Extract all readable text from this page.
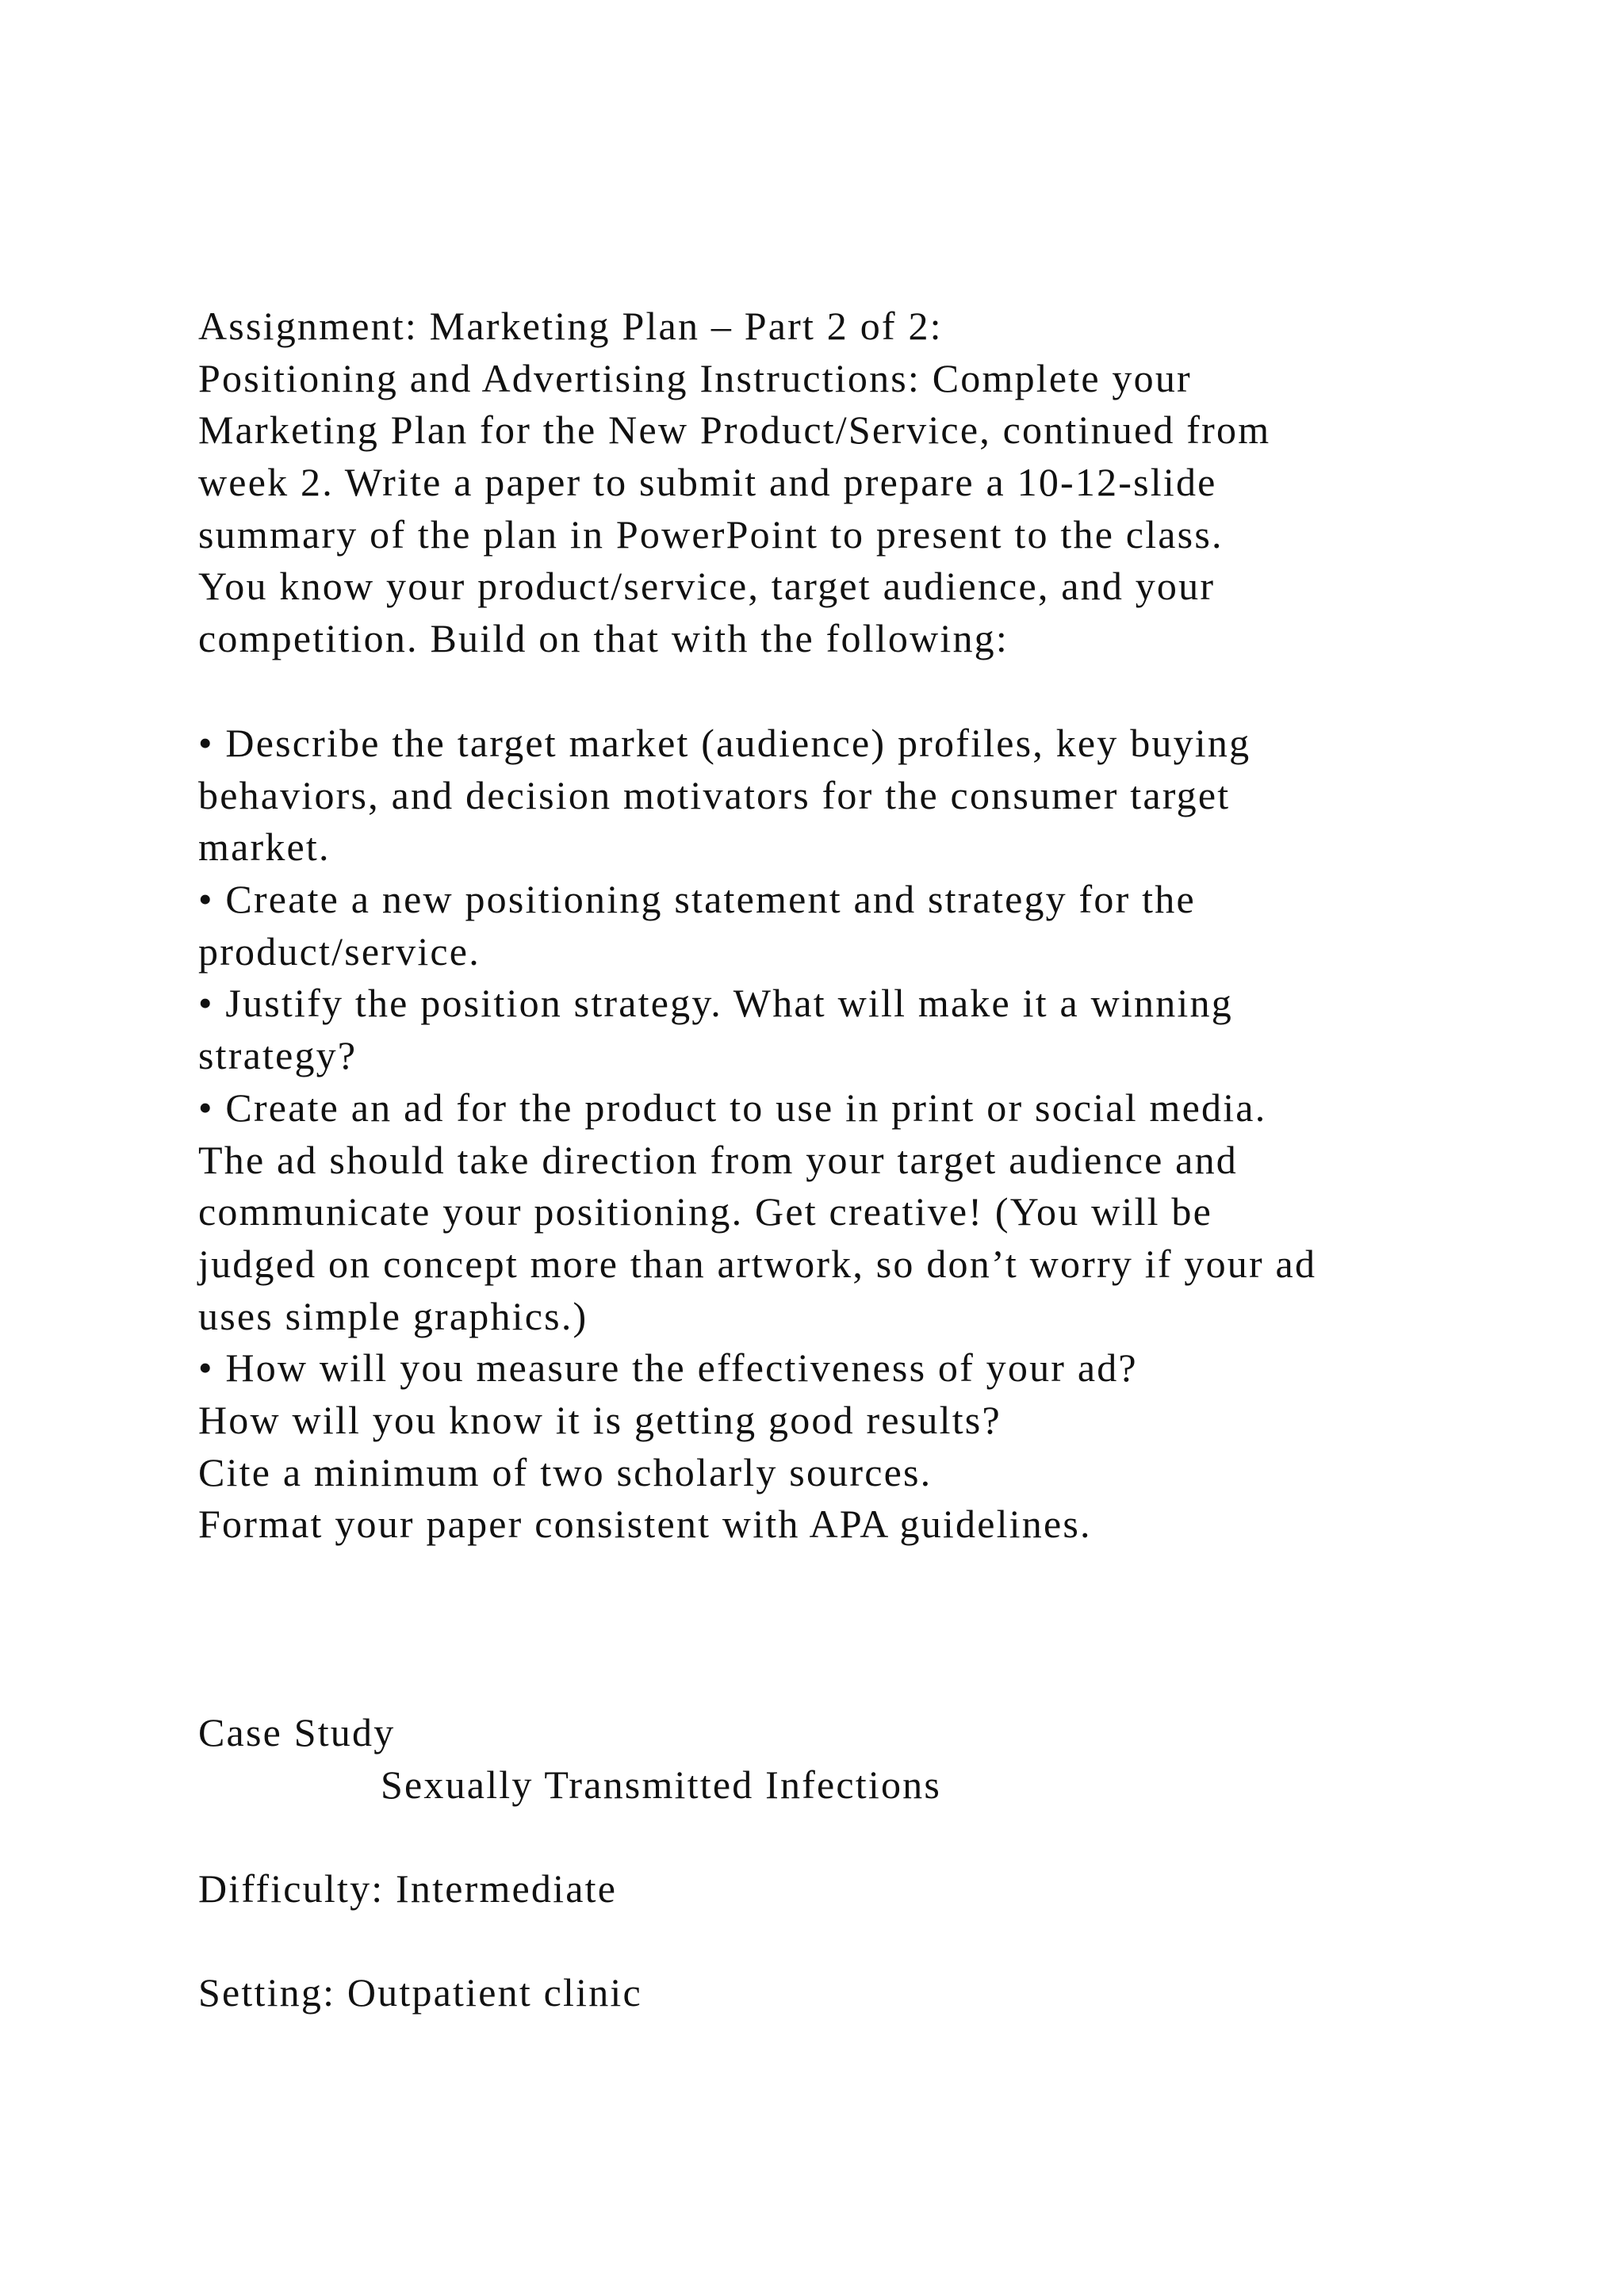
Assignment: Marketing Plan – Part 2 of 2:
Positioning and Advertising Instructions: Complete your
Marketing Plan for the New Product/Service, continued from
week 2. Write a paper to submit and prepare a 10-12-slide
summary of the plan in PowerPoint to present to the class.
You know your product/service, target audience, and your
competition. Build on that with the following:
• Describe the target market (audience) profiles, key buying
behaviors, and decision motivators for the consumer target
market.
• Create a new positioning statement and strategy for the
product/service.
• Justify the position strategy. What will make it a winning
strategy?
• Create an ad for the product to use in print or social media.
The ad should take direction from your target audience and
communicate your positioning. Get creative! (You will be
judged on concept more than artwork, so don’t worry if your ad
uses simple graphics.)
• How will you measure the effectiveness of your ad?
How will you know it is getting good results?
Cite a minimum of two scholarly sources.
Format your paper consistent with APA guidelines.
Case Study
Sexually Transmitted Infections
Difficulty: Intermediate
Setting: Outpatient clinic
